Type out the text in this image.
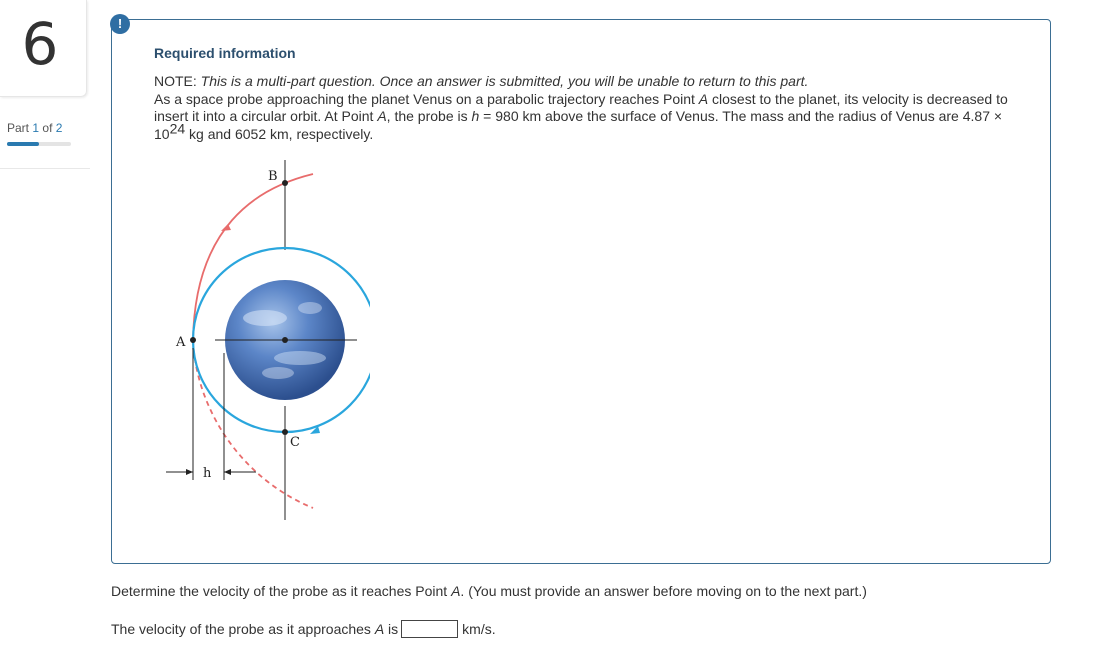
6
Part 1 of 2
!
Required information
NOTE: This is a multi-part question. Once an answer is submitted, you will be unable to return to this part.
As a space probe approaching the planet Venus on a parabolic trajectory reaches Point A closest to the planet, its velocity is decreased to insert it into a circular orbit. At Point A, the probe is h = 980 km above the surface of Venus. The mass and the radius of Venus are $4.87 \times 10^{24}$ kg and 6052 km, respectively.
B
A
C
h
Determine the velocity of the probe as it reaches Point A. (You must provide an answer before moving on to the next part.)
The velocity of the probe as it approaches A is	km/s.
